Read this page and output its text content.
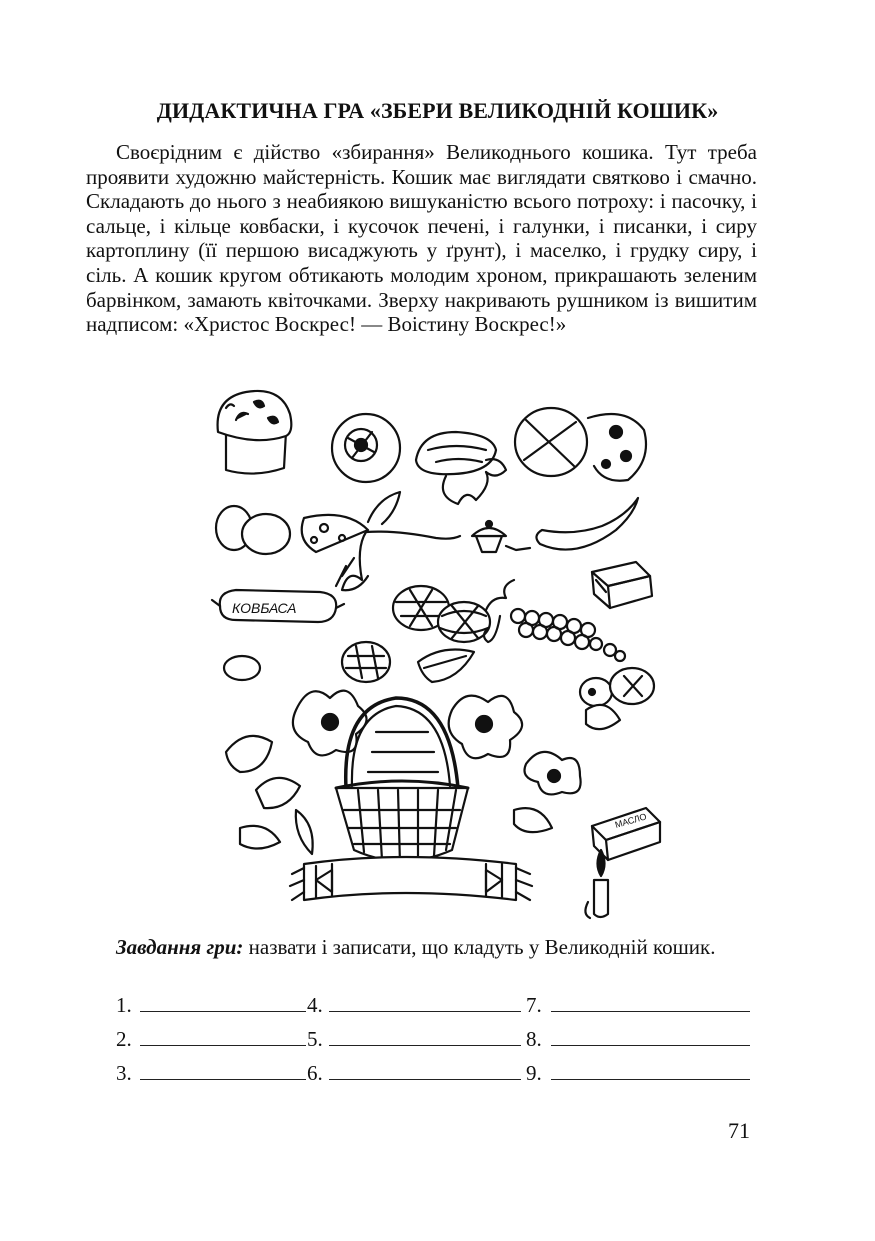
ДИДАКТИЧНА ГРА «ЗБЕРИ ВЕЛИКОДНІЙ КОШИК»

Своєрідним є дійство «збирання» Великоднього кошика. Тут треба проявити художню майстерність. Кошик має виглядати святково і смачно. Складають до нього з неабиякою вишуканістю всього потроху: і пасочку, і сальце, і кільце ковбаски, і кусочок печені, і галунки, і писанки, і сиру картоплину (її першою висаджують у ґрунт), і маселко, і грудку сиру, і сіль. А кошик кругом обтикають молодим хроном, прикрашають зеленим барвінком, замають квіточками. Зверху накривають рушником із вишитим надписом: «Христос Воскрес! — Воістину Воскрес!»

КОВБАСА
МАСЛО

Завдання гри: назвати і записати, що кладуть у Великодній кошик.

1.
2.
3.
4.
5.
6.
7.
8.
9.
71
